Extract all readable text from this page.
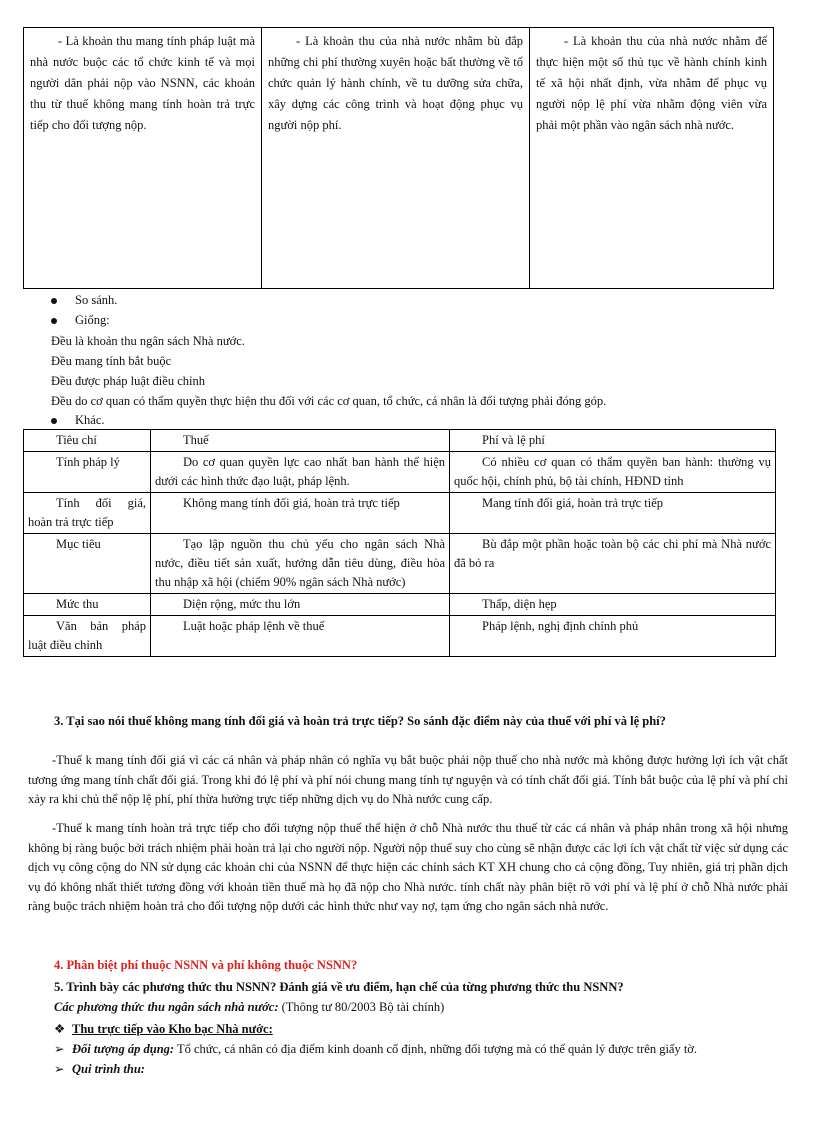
- Là khoản thu mang tính pháp luật mà nhà nước buộc các tổ chức kinh tế và mọi người dân phải nộp vào NSNN, các khoản thu từ thuế không mang tính hoàn trả trực tiếp cho đối tượng nộp.

- Là khoản thu của nhà nước nhằm bù đắp những chi phí thường xuyên hoặc bất thường về tổ chức quản lý hành chính, về tu dưỡng sửa chữa, xây dựng các công trình và hoạt động phục vụ người nộp phí.

- Là khoản thu của nhà nước nhằm để thực hiện một số thủ tục về hành chính kinh tế xã hội nhất định, vừa nhằm để phục vụ người nộp lệ phí vừa nhằm động viên vừa phải một phần vào ngân sách nhà nước.
So sánh.
Giống:
Đều là khoản thu ngân sách Nhà nước.
Đều mang tính bắt buộc
Đều được pháp luật điều chỉnh
Đều do cơ quan có thẩm quyền thực hiện thu đối với các cơ quan, tổ chức, cá nhân là đối tượng phải đóng góp.
Khác.
Tiêu chí	Thuế	Phí và lệ phí
Tính pháp lý	Do cơ quan quyền lực cao nhất ban hành thể hiện dưới các hình thức đạo luật, pháp lệnh.	Có nhiều cơ quan có thẩm quyền ban hành: thường vụ quốc hội, chính phủ, bộ tài chính, HĐND tỉnh
Tính đối giá, hoàn trả trực tiếp	Không mang tính đối giá, hoàn trả trực tiếp	Mang tính đối giá, hoàn trả trực tiếp
Mục tiêu	Tạo lập nguồn thu chủ yếu cho ngân sách Nhà nước, điều tiết sản xuất, hướng dẫn tiêu dùng, điều hòa thu nhập xã hội (chiếm 90% ngân sách Nhà nước)	Bù đắp một phần hoặc toàn bộ các chi phí mà Nhà nước đã bỏ ra
Mức thu	Diện rộng, mức thu lớn	Thấp, diện hẹp
Văn bản pháp luật điều chỉnh	Luật hoặc pháp lệnh về thuế	Pháp lệnh, nghị định chính phủ
3. Tại sao nói thuế không mang tính đối giá và hoàn trả trực tiếp? So sánh đặc điểm này của thuế với phí và lệ phí?
-Thuế k mang tính đối giá vì các cá nhân và pháp nhân có nghĩa vụ bắt buộc phải nộp thuế cho nhà nước mà không được hưởng lợi ích vật chất tương ứng mang tính chất đối giá. Trong khi đó lệ phí và phí nói chung mang tính tự nguyện và có tính chất đối giá. Tính bắt buộc của lệ phí và phí chỉ xảy ra khi chủ thể nộp lệ phí, phí thừa hưởng trực tiếp những dịch vụ do Nhà nước cung cấp.
-Thuế k mang tính hoàn trả trực tiếp cho đối tượng nộp thuế thể hiện ở chỗ Nhà nước thu thuế từ các cá nhân và pháp nhân trong xã hội nhưng không bị ràng buộc bởi trách nhiệm phải hoàn trả lại cho người nộp. Người nộp thuế suy cho cùng sẽ nhận được các lợi ích vật chất từ việc sử dụng các dịch vụ công cộng do NN sử dụng các khoản chi của NSNN để thực hiện các chính sách KT XH chung cho cả cộng đồng, Tuy nhiên, giá trị phần dịch vụ đó không nhất thiết tương đồng với khoản tiền thuế mà họ đã nộp cho Nhà nước. tính chất này phân biệt rõ với phí và lệ phí ở chỗ Nhà nước phải ràng buộc trách nhiệm hoàn trả cho đối tượng nộp dưới các hình thức như vay nợ, tạm ứng cho ngân sách nhà nước.
4. Phân biệt phí thuộc NSNN và phí không thuộc NSNN?
5. Trình bày các phương thức thu NSNN? Đánh giá về ưu điểm, hạn chế của từng phương thức thu NSNN?
Các phương thức thu ngân sách nhà nước: (Thông tư 80/2003 Bộ tài chính)
❖ Thu trực tiếp vào Kho bạc Nhà nước:
➢ Đối tượng áp dụng: Tổ chức, cá nhân có địa điểm kinh doanh cố định, những đối tượng mà có thể quản lý được trên giấy tờ.
➢ Qui trình thu:
